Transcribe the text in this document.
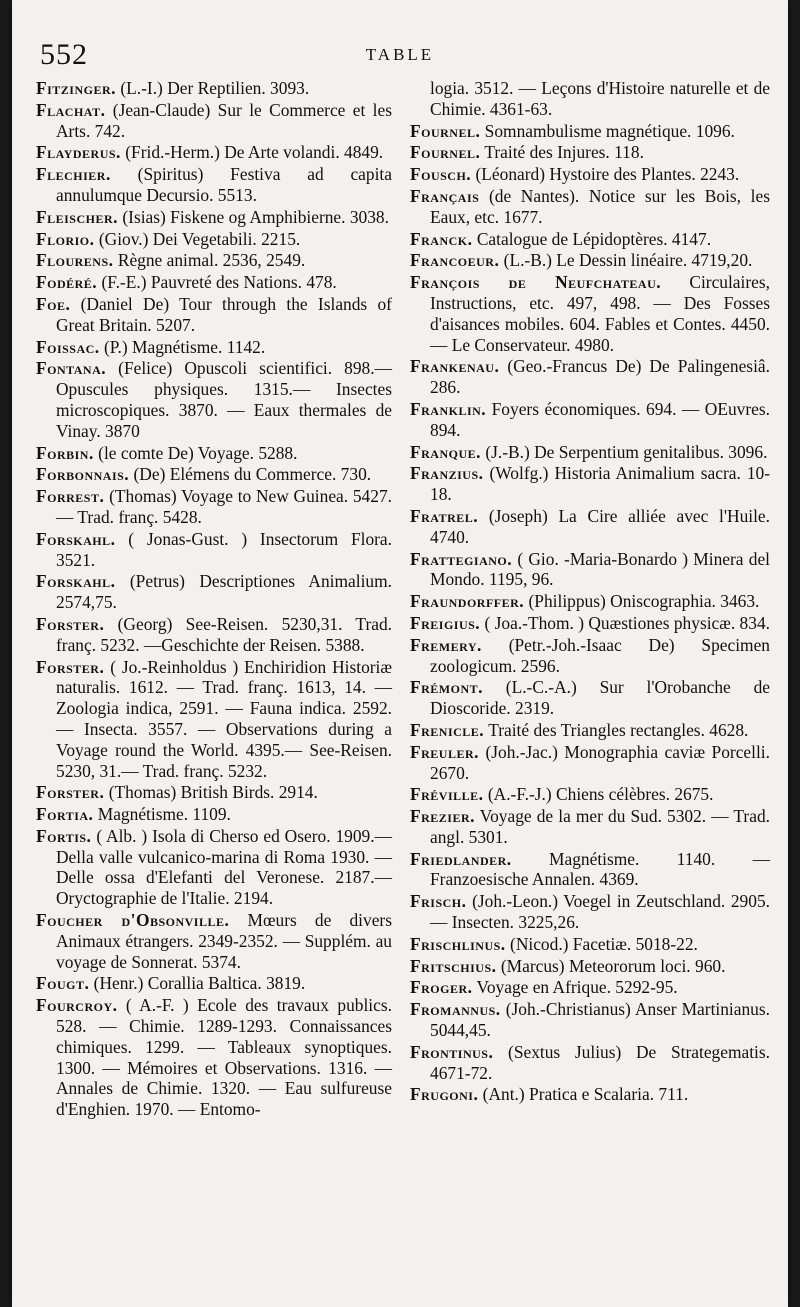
552	TABLE
Fitzinger. (L.-I.) Der Reptilien. 3093.
Flachat. (Jean-Claude) Sur le Commerce et les Arts. 742.
Flayderus. (Frid.-Herm.) De Arte volandi. 4849.
Flechier. (Spiritus) Festiva ad capita annulumque Decursio. 5513.
Fleischer. (Isias) Fiskene og Amphibierne. 3038.
Florio. (Giov.) Dei Vegetabili. 2215.
Flourens. Règne animal. 2536, 2549.
Fodéré. (F.-E.) Pauvreté des Nations. 478.
Foe. (Daniel De) Tour through the Islands of Great Britain. 5207.
Foissac. (P.) Magnétisme. 1142.
Fontana. (Felice) Opuscoli scientifici. 898.— Opuscules physiques. 1315.— Insectes microscopiques. 3870. — Eaux thermales de Vinay. 3870
Forbin. (le comte De) Voyage. 5288.
Forbonnais. (De) Elémens du Commerce. 730.
Forrest. (Thomas) Voyage to New Guinea. 5427. — Trad. franç. 5428.
Forskahl. ( Jonas-Gust. ) Insectorum Flora. 3521.
Forskahl. (Petrus) Descriptiones Animalium. 2574,75.
Forster. (Georg) See-Reisen. 5230,31. Trad. franç. 5232. —Geschichte der Reisen. 5388.
Forster. ( Jo.-Reinholdus ) Enchiridion Historiæ naturalis. 1612. — Trad. franç. 1613, 14. — Zoologia indica, 2591. — Fauna indica. 2592. — Insecta. 3557. — Observations during a Voyage round the World. 4395.— See-Reisen. 5230, 31.— Trad. franç. 5232.
Forster. (Thomas) British Birds. 2914.
Fortia. Magnétisme. 1109.
Fortis. ( Alb. ) Isola di Cherso ed Osero. 1909.— Della valle vulcanico-marina di Roma 1930. — Delle ossa d'Elefanti del Veronese. 2187.—Oryctographie de l'Italie. 2194.
Foucher d'Obsonville. Mœurs de divers Animaux étrangers. 2349-2352. — Supplém. au voyage de Sonnerat. 5374.
Fougt. (Henr.) Corallia Baltica. 3819.
Fourcroy. ( A.-F. ) Ecole des travaux publics. 528. — Chimie. 1289-1293. Connaissances chimiques. 1299. — Tableaux synoptiques. 1300. — Mémoires et Observations. 1316. — Annales de Chimie. 1320. — Eau sulfureuse d'Enghien. 1970. — Entomo-
logia. 3512. — Leçons d'Histoire naturelle et de Chimie. 4361-63.
Fournel. Somnambulisme magnétique. 1096.
Fournel. Traité des Injures. 118.
Fousch. (Léonard) Hystoire des Plantes. 2243.
Français (de Nantes). Notice sur les Bois, les Eaux, etc. 1677.
Franck. Catalogue de Lépidoptères. 4147.
Francoeur. (L.-B.) Le Dessin linéaire. 4719,20.
François de Neufchateau. Circulaires, Instructions, etc. 497, 498. — Des Fosses d'aisances mobiles. 604. Fables et Contes. 4450. — Le Conservateur. 4980.
Frankenau. (Geo.-Francus De) De Palingenesiâ. 286.
Franklin. Foyers économiques. 694. — OEuvres. 894.
Franque. (J.-B.) De Serpentium genitalibus. 3096.
Franzius. (Wolfg.) Historia Animalium sacra. 10-18.
Fratrel. (Joseph) La Cire alliée avec l'Huile. 4740.
Frattegiano. ( Gio. -Maria-Bonardo ) Minera del Mondo. 1195, 96.
Fraundorffer. (Philippus) Oniscographia. 3463.
Freigius. ( Joa.-Thom. ) Quæstiones physicæ. 834.
Fremery. (Petr.-Joh.-Isaac De) Specimen zoologicum. 2596.
Frémont. (L.-C.-A.) Sur l'Orobanche de Dioscoride. 2319.
Frenicle. Traité des Triangles rectangles. 4628.
Freuler. (Joh.-Jac.) Monographia caviæ Porcelli. 2670.
Fréville. (A.-F.-J.) Chiens célèbres. 2675.
Frezier. Voyage de la mer du Sud. 5302. — Trad. angl. 5301.
Friedlander. Magnétisme. 1140. — Franzoesische Annalen. 4369.
Frisch. (Joh.-Leon.) Voegel in Zeutschland. 2905. — Insecten. 3225,26.
Frischlinus. (Nicod.) Facetiæ. 5018-22.
Fritschius. (Marcus) Meteororum loci. 960.
Froger. Voyage en Afrique. 5292-95.
Fromannus. (Joh.-Christianus) Anser Martinianus. 5044,45.
Frontinus. (Sextus Julius) De Strategematis. 4671-72.
Frugoni. (Ant.) Pratica e Scalaria. 711.
